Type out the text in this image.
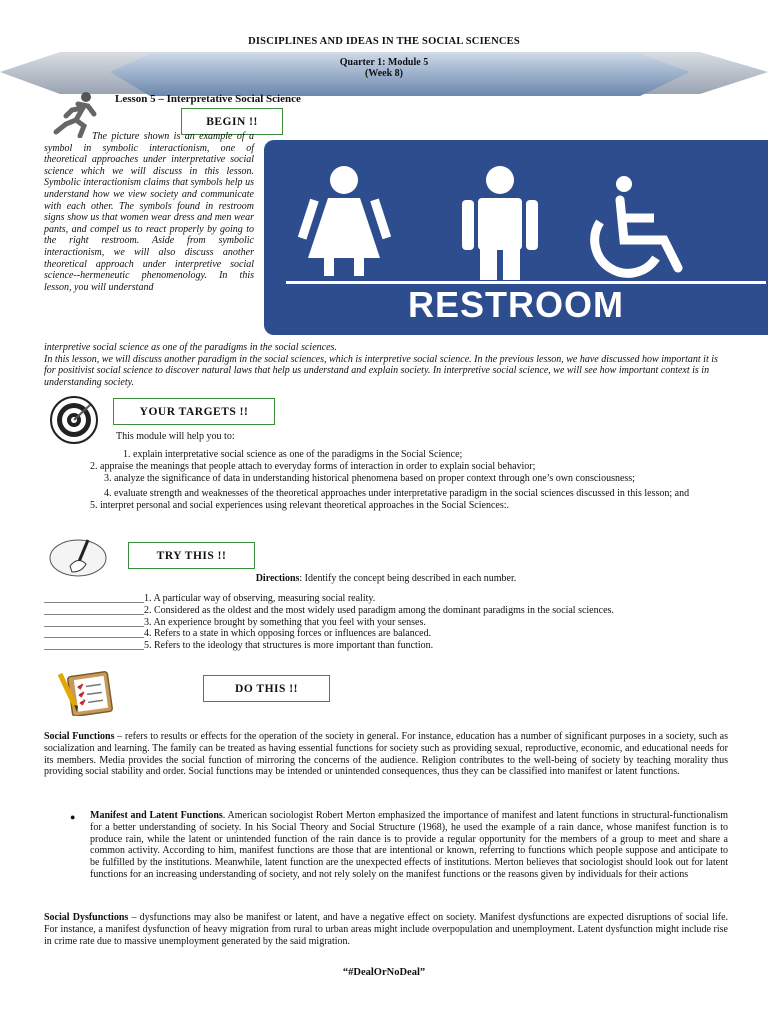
DISCIPLINES AND IDEAS IN THE SOCIAL SCIENCES
Quarter 1: Module 5
(Week 8)
Lesson 5 – Interpretative Social Science
BEGIN !!
The picture shown is an example of a symbol in symbolic interactionism, one of theoretical approaches under interpretative social science which we will discuss in this lesson. Symbolic interactionism claims that symbols help us understand how we view society and communicate with each other. The symbols found in restroom signs show us that women wear dress and men wear pants, and compel us to react properly by going to the right restroom. Aside from symbolic interactionism, we will also discuss another theoretical approach under interpretive social science--hermeneutic phenomenology. In this lesson, you will understand	RESTROOM
interpretive social science as one of the paradigms in the social sciences.
In this lesson, we will discuss another paradigm in the social sciences, which is interpretive social science. In the previous lesson, we have discussed how important it is for positivist social science to discover natural laws that help us understand and explain society. In interpretive social science, we will see how important context is in understanding society.
YOUR TARGETS !!
This module will help you to:
1. explain interpretative social science as one of the paradigms in the Social Science;
2. appraise the meanings that people attach to everyday forms of interaction in order to explain social behavior;
3. analyze the significance of data in understanding historical phenomena based on proper context through one’s own consciousness;
4. evaluate strength and weaknesses of the theoretical approaches under interpretative paradigm in the social sciences discussed in this lesson; and
5. interpret personal and social experiences using relevant theoretical approaches in the Social Sciences:.
TRY THIS !!
Directions: Identify the concept being described in each number.
____________________1. A particular way of observing, measuring social reality.
____________________2. Considered as the oldest and the most widely used paradigm among the dominant paradigms in the social sciences.
____________________3. An experience brought by something that you feel with your senses.
____________________4. Refers to a state in which opposing forces or influences are balanced.
____________________5. Refers to the ideology that structures is more important than function.
DO THIS !!
Social Functions – refers to results or effects for the operation of the society in general. For instance, education has a number of significant purposes in a society, such as socialization and learning. The family can be treated as having essential functions for society such as providing sexual, reproductive, economic, and educational needs for its members. Media provides the social function of mirroring the concerns of the audience. Religion contributes to the well-being of society by teaching morality thus providing social stability and order. Social functions may be intended or unintended consequences, thus they can be classified into manifest or latent functions.
●	Manifest and Latent Functions. American sociologist Robert Merton emphasized the importance of manifest and latent functions in structural-functionalism for a better understanding of society. In his Social Theory and Social Structure (1968), he used the example of a rain dance, whose manifest function is to produce rain, while the latent or unintended function of the rain dance is to provide a regular opportunity for the members of a group to meet and share a common activity. According to him, manifest functions are those that are intentional or known, referring to functions which people suppose and anticipate to be fulfilled by the institutions. Meanwhile, latent function are the unexpected effects of institutions. Merton believes that sociologist should look out for latent functions for an increasing understanding of society, and not rely solely on the manifest functions or the reasons given by individuals for their actions
Social Dysfunctions – dysfunctions may also be manifest or latent, and have a negative effect on society. Manifest dysfunctions are expected disruptions of social life. For instance, a manifest dysfunction of heavy migration from rural to urban areas might include overpopulation and unemployment. Latent dysfunction might include rise in crime rate due to massive unemployment generated by the said migration.
“#DealOrNoDeal”
